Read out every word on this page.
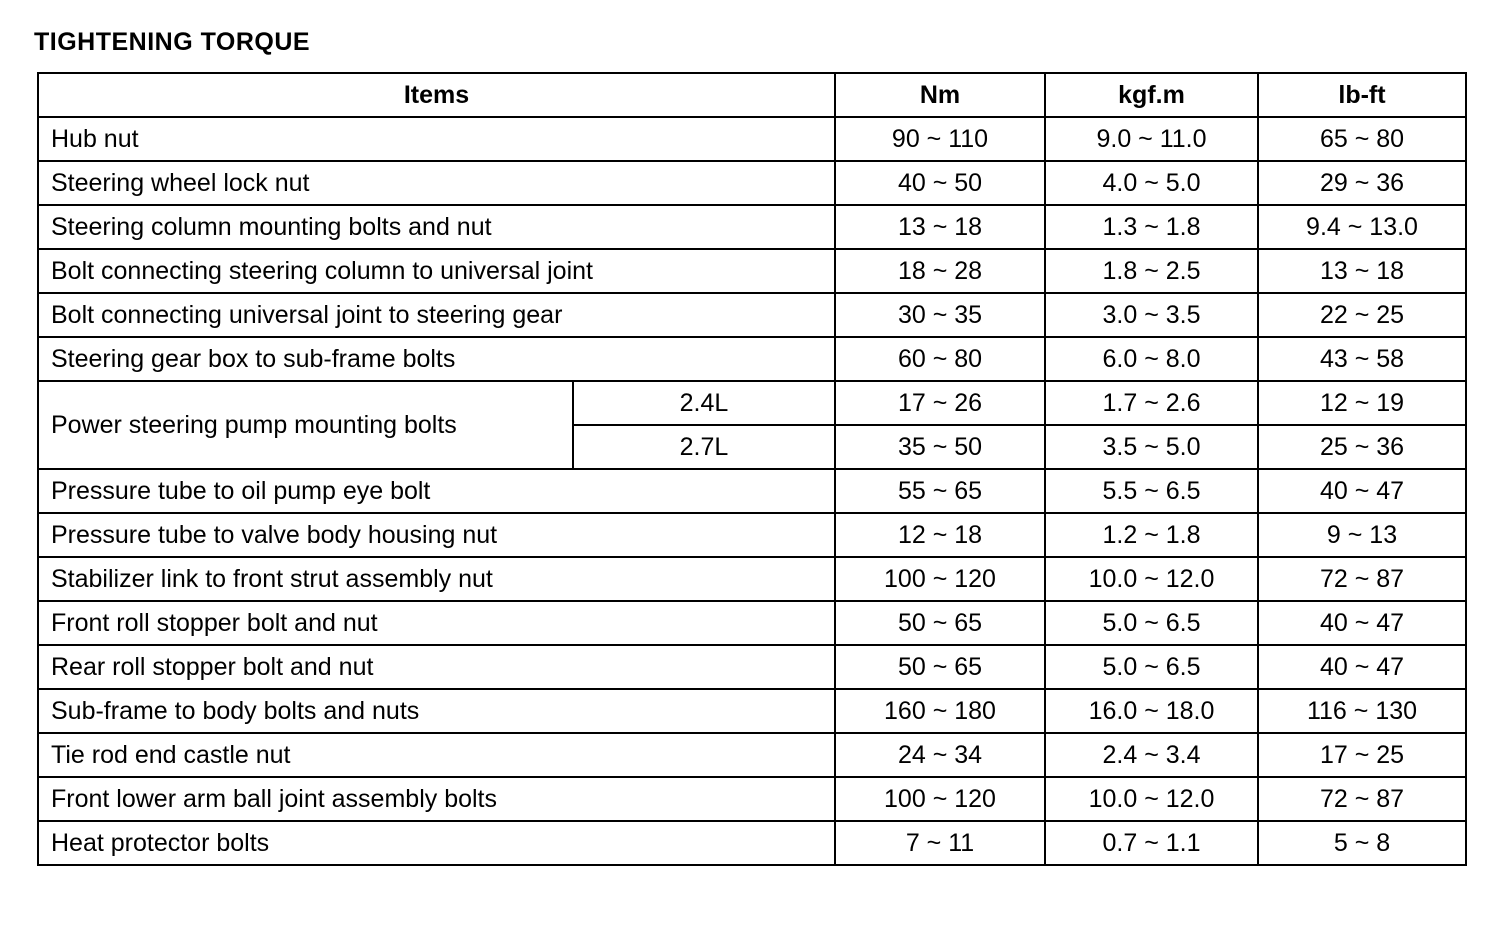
TIGHTENING TORQUE
Items		Nm	kgf.m	lb-ft
Hub nut		90 ~ 110	9.0 ~ 11.0	65 ~ 80
Steering wheel lock nut		40 ~ 50	4.0 ~ 5.0	29 ~ 36
Steering column mounting bolts and nut		13 ~ 18	1.3 ~ 1.8	9.4 ~ 13.0
Bolt connecting steering column to universal joint		18 ~ 28	1.8 ~ 2.5	13 ~ 18
Bolt connecting universal joint to steering gear		30 ~ 35	3.0 ~ 3.5	22 ~ 25
Steering gear box to sub-frame bolts		60 ~ 80	6.0 ~ 8.0	43 ~ 58
Power steering pump mounting bolts	2.4L	17 ~ 26	1.7 ~ 2.6	12 ~ 19
	2.7L	35 ~ 50	3.5 ~ 5.0	25 ~ 36
Pressure tube to oil pump eye bolt		55 ~ 65	5.5 ~ 6.5	40 ~ 47
Pressure tube to valve body housing nut		12 ~ 18	1.2 ~ 1.8	9 ~ 13
Stabilizer link to front strut assembly nut		100 ~ 120	10.0 ~ 12.0	72 ~ 87
Front roll stopper bolt and nut		50 ~ 65	5.0 ~ 6.5	40 ~ 47
Rear roll stopper bolt and nut		50 ~ 65	5.0 ~ 6.5	40 ~ 47
Sub-frame to body bolts and nuts		160 ~ 180	16.0 ~ 18.0	116 ~ 130
Tie rod end castle nut		24 ~ 34	2.4 ~ 3.4	17 ~ 25
Front lower arm ball joint assembly bolts		100 ~ 120	10.0 ~ 12.0	72 ~ 87
Heat protector bolts		7 ~ 11	0.7 ~ 1.1	5 ~ 8
